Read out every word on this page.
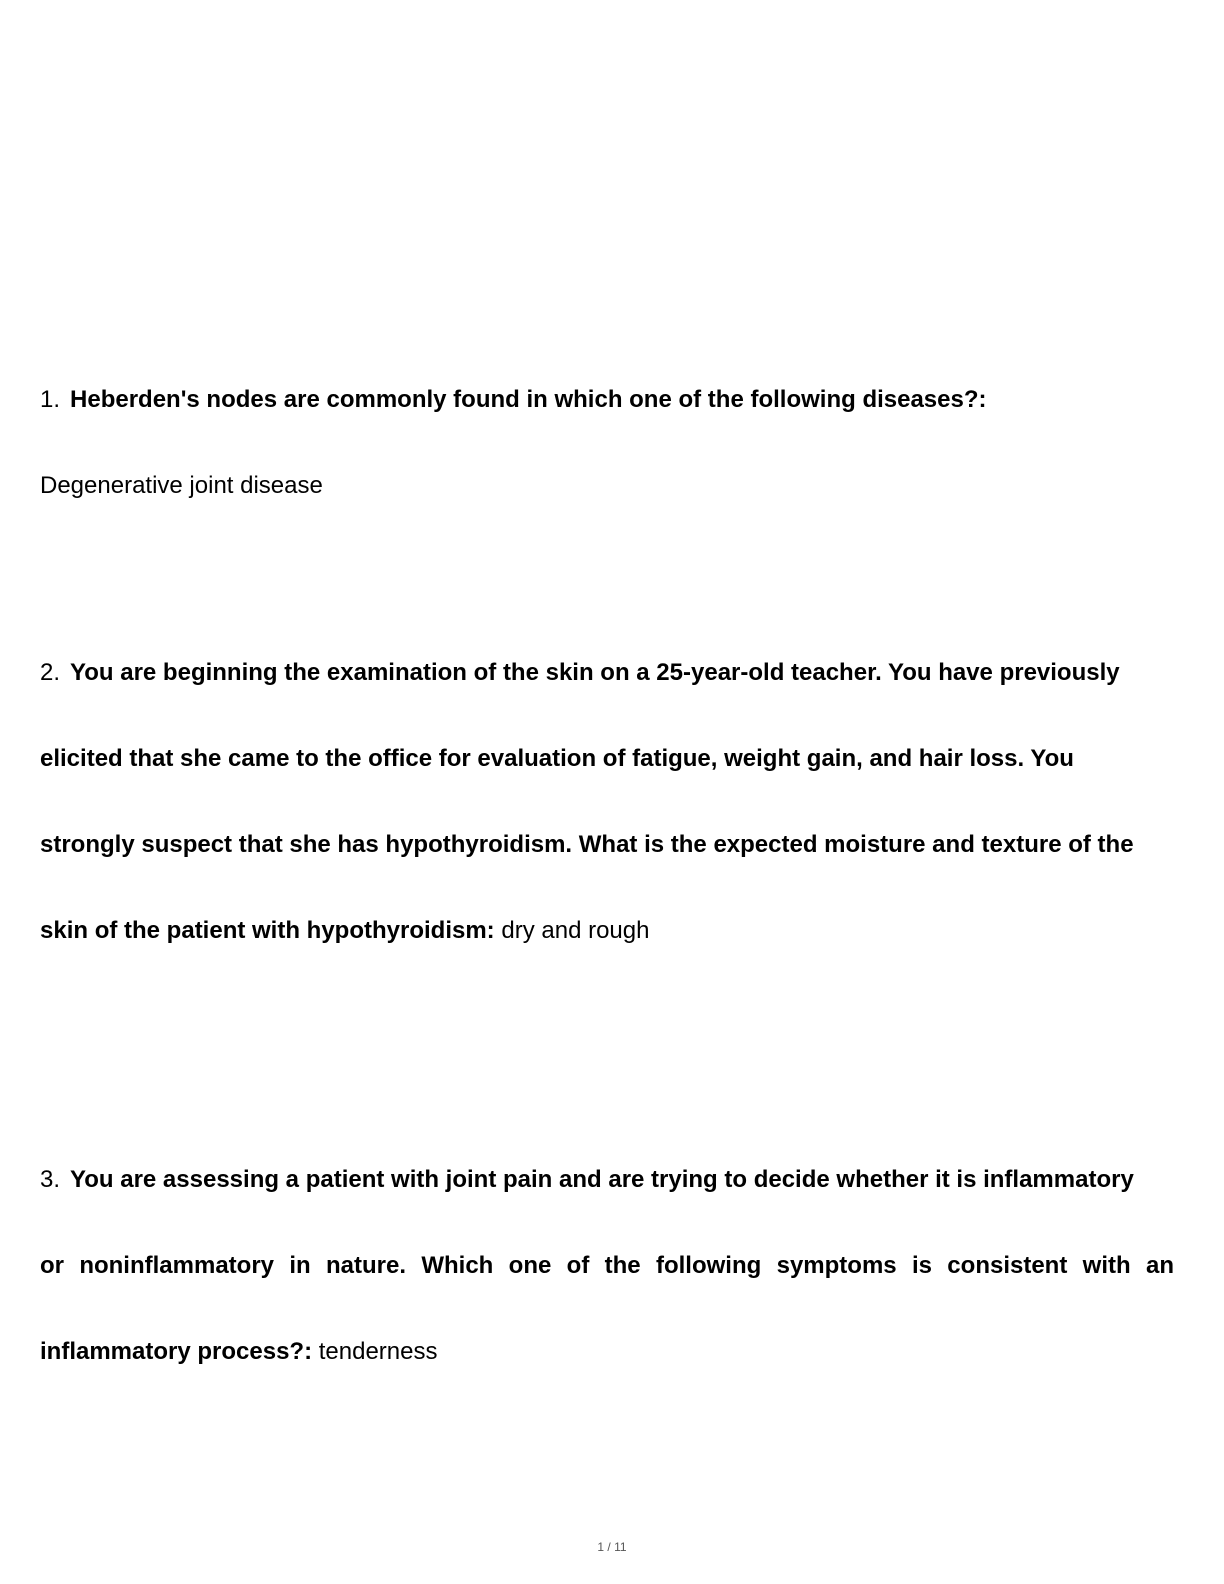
1. Heberden's nodes are commonly found in which one of the following diseases?:
Degenerative joint disease
2. You are beginning the examination of the skin on a 25-year-old teacher. You have previously
elicited that she came to the office for evaluation of fatigue, weight gain, and hair loss. You
strongly suspect that she has hypothyroidism. What is the expected moisture and texture of the
skin of the patient with hypothyroidism: dry and rough
3. You are assessing a patient with joint pain and are trying to decide whether it is inflammatory
or noninflammatory in nature. Which one of the following symptoms is consistent with an
inflammatory process?: tenderness
1 / 11
